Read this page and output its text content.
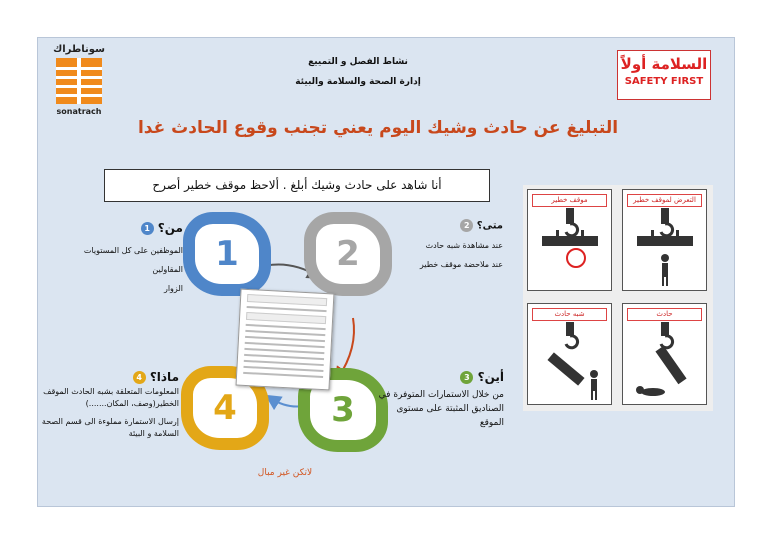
سوناطراك
sonatrach
نشاط الفصل و التمييع
إدارة الصحة والسلامة والبيئة
السلامة أولاً
SAFETY FIRST
التبليغ عن حادث وشيك اليوم يعني تجنب وقوع الحادث غدا
أنا شاهد على حادث وشيك أبلغ . ألاحظ موقف خطير أصرح
1	2
3
4
من؟ 1
الموظفين على كل المستويات
المقاولين
الزوار
متى؟ 2
عند مشاهدة شبه حادث
عند ملاحضة موقف خطير
أين؟ 3
من خلال الاستمارات المتوفرة في الصناديق المثبتة على مستوى الموقع
ماذا؟ 4
المعلومات المتعلقة بشبه الحادث الموقف الخطير(وصف، المكان.......)
إرسال الاستمارة مملوءة الى قسم الصحة السلامة و البيئة
لاتكن غير مبال
التعرض لموقف خطير
موقف خطير
حادث
شبه حادث
